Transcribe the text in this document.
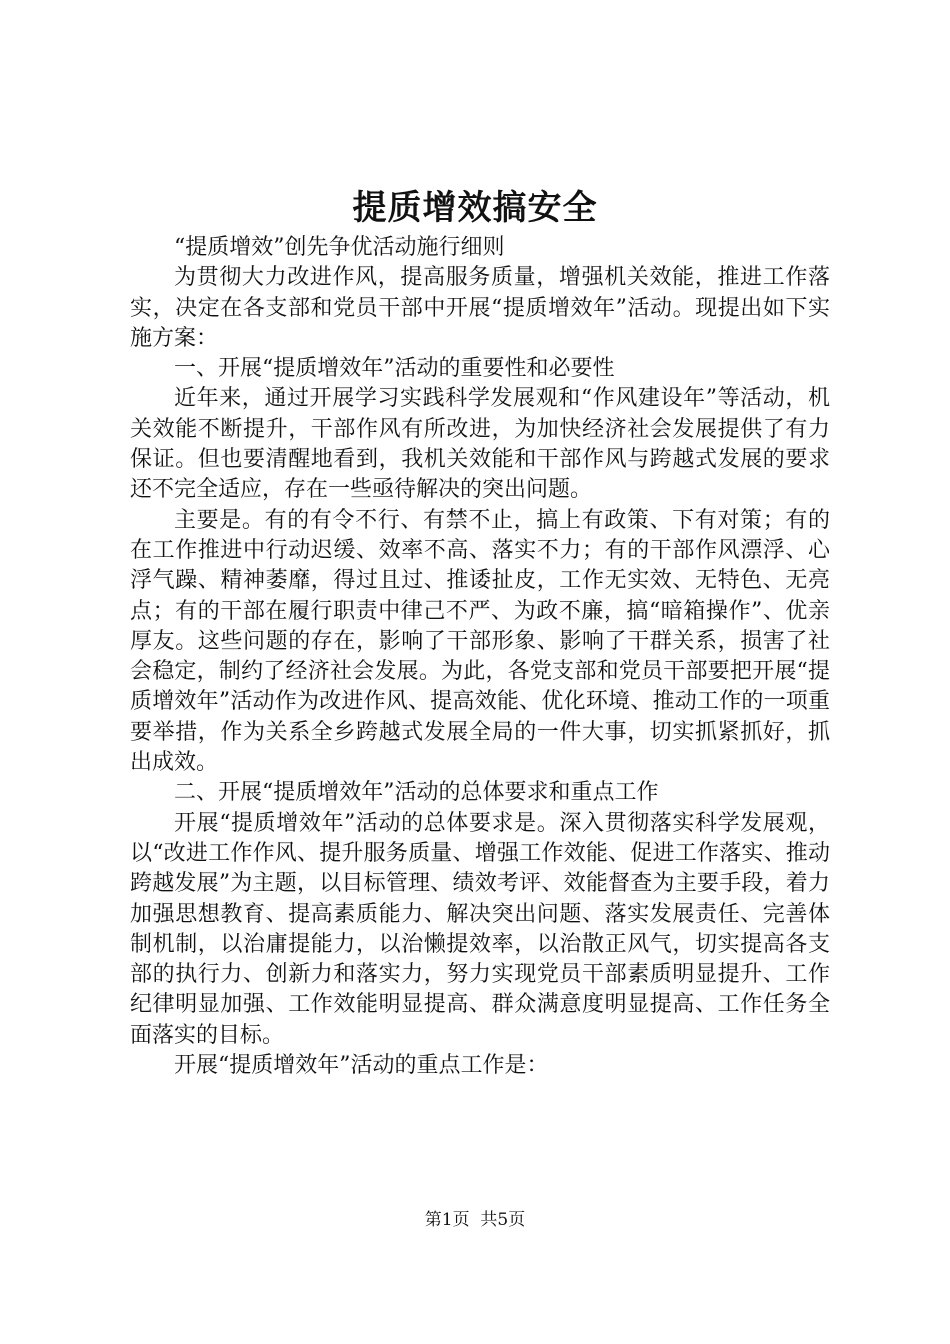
提质增效搞安全

“提质增效”创先争优活动施行细则

为贯彻大力改进作风，提高服务质量，增强机关效能，推进工作落实，决定在各支部和党员干部中开展“提质增效年”活动。现提出如下实施方案：

一、开展“提质增效年”活动的重要性和必要性

近年来，通过开展学习实践科学发展观和“作风建设年”等活动，机关效能不断提升，干部作风有所改进，为加快经济社会发展提供了有力保证。但也要清醒地看到，我机关效能和干部作风与跨越式发展的要求还不完全适应，存在一些亟待解决的突出问题。

主要是。有的有令不行、有禁不止，搞上有政策、下有对策；有的在工作推进中行动迟缓、效率不高、落实不力；有的干部作风漂浮、心浮气躁、精神萎靡，得过且过、推诿扯皮，工作无实效、无特色、无亮点；有的干部在履行职责中律己不严、为政不廉，搞“暗箱操作”、优亲厚友。这些问题的存在，影响了干部形象、影响了干群关系，损害了社会稳定，制约了经济社会发展。为此，各党支部和党员干部要把开展“提质增效年”活动作为改进作风、提高效能、优化环境、推动工作的一项重要举措，作为关系全乡跨越式发展全局的一件大事，切实抓紧抓好，抓出成效。

二、开展“提质增效年”活动的总体要求和重点工作

开展“提质增效年”活动的总体要求是。深入贯彻落实科学发展观，以“改进工作作风、提升服务质量、增强工作效能、促进工作落实、推动跨越发展”为主题，以目标管理、绩效考评、效能督查为主要手段，着力加强思想教育、提高素质能力、解决突出问题、落实发展责任、完善体制机制，以治庸提能力，以治懒提效率，以治散正风气，切实提高各支部的执行力、创新力和落实力，努力实现党员干部素质明显提升、工作纪律明显加强、工作效能明显提高、群众满意度明显提高、工作任务全面落实的目标。

开展“提质增效年”活动的重点工作是：

第1页  共5页
